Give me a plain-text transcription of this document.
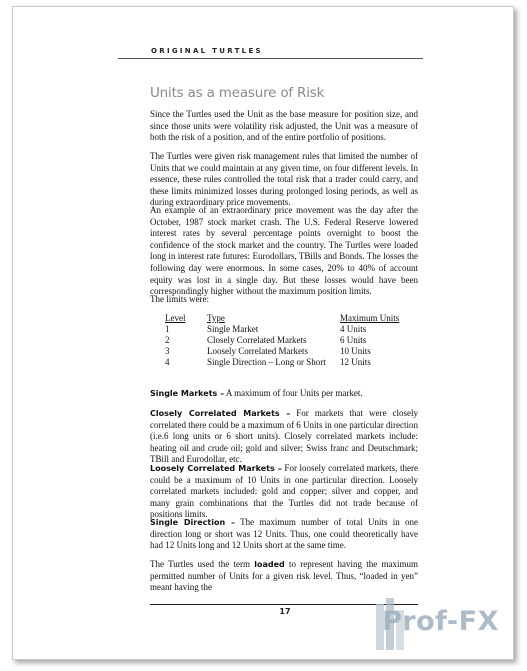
ORIGINAL TURTLES
Units as a measure of Risk

Since the Turtles used the Unit as the base measure for position size, and since those units were volatility risk adjusted, the Unit was a measure of both the risk of a position, and of the entire portfolio of positions.

The Turtles were given risk management rules that limited the number of Units that we could maintain at any given time, on four different levels. In essence, these rules controlled the total risk that a trader could carry, and these limits minimized losses during prolonged losing periods, as well as during extraordinary price movements.

An example of an extraordinary price movement was the day after the October, 1987 stock market crash. The U.S. Federal Reserve lowered interest rates by several percentage points overnight to boost the confidence of the stock market and the country. The Turtles were loaded long in interest rate futures: Eurodollars, TBills and Bonds. The losses the following day were enormous. In some cases, 20% to 40% of account equity was lost in a single day. But these losses would have been correspondingly higher without the maximum position limits.

The limits were:

Level	Type	Maximum Units
1	Single Market	4 Units
2	Closely Correlated Markets	6 Units
3	Loosely Correlated Markets	10 Units
4	Single Direction – Long or Short	12 Units

Single Markets – A maximum of four Units per market.

Closely Correlated Markets – For markets that were closely correlated there could be a maximum of 6 Units in one particular direction (i.e.6 long units or 6 short units). Closely correlated markets include: heating oil and crude oil; gold and silver; Swiss franc and Deutschmark; TBill and Eurodollar, etc.

Loosely Correlated Markets – For loosely correlated markets, there could be a maximum of 10 Units in one particular direction. Loosely correlated markets included: gold and copper; silver and copper, and many grain combinations that the Turtles did not trade because of positions limits.

Single Direction – The maximum number of total Units in one direction long or short was 12 Units. Thus, one could theoretically have had 12 Units long and 12 Units short at the same time.

The Turtles used the term loaded to represent having the maximum permitted number of Units for a given risk level. Thus, “loaded in yen” meant having the

17	Prof-FX
